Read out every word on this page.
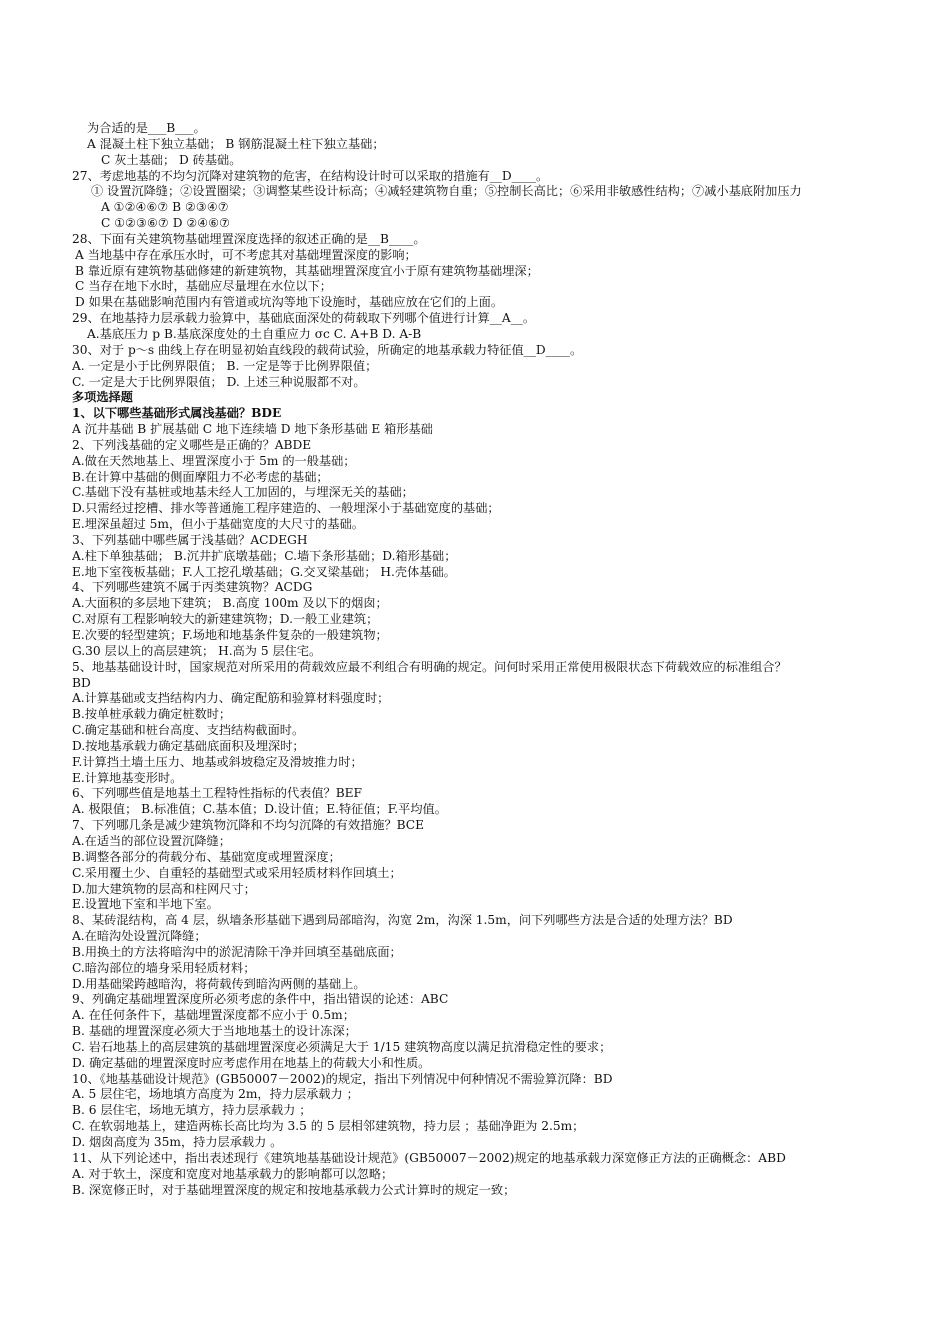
为合适的是___B___。
A 混凝土柱下独立基础； B 钢筋混凝土柱下独立基础；
C 灰土基础； D 砖基础。
27、考虑地基的不均匀沉降对建筑物的危害，在结构设计时可以采取的措施有__D____。
① 设置沉降缝；②设置圈梁；③调整某些设计标高；④减轻建筑物自重；⑤控制长高比；⑥采用非敏感性结构；⑦减小基底附加压力
A ①②④⑥⑦ B ②③④⑦
C ①②③⑥⑦ D ②④⑥⑦
28、下面有关建筑物基础埋置深度选择的叙述正确的是__B____。
A 当地基中存在承压水时，可不考虑其对基础埋置深度的影响；
B 靠近原有建筑物基础修建的新建筑物，其基础埋置深度宜小于原有建筑物基础埋深；
C 当存在地下水时，基础应尽量埋在水位以下；
D 如果在基础影响范围内有管道或坑沟等地下设施时，基础应放在它们的上面。
29、在地基持力层承载力验算中，基础底面深处的荷载取下列哪个值进行计算__A__。
A.基底压力 p B.基底深度处的土自重应力 σc C. A+B D. A-B
30、对于 p～s 曲线上存在明显初始直线段的载荷试验，所确定的地基承载力特征值__D____。
A. 一定是小于比例界限值； B. 一定是等于比例界限值；
C. 一定是大于比例界限值； D. 上述三种说服都不对。
多项选择题
1、以下哪些基础形式属浅基础？BDE
A 沉井基础 B 扩展基础 C 地下连续墙 D 地下条形基础 E 箱形基础
2、下列浅基础的定义哪些是正确的？ABDE
A.做在天然地基上、埋置深度小于 5m 的一般基础；
B.在计算中基础的侧面摩阻力不必考虑的基础；
C.基础下没有基桩或地基未经人工加固的，与埋深无关的基础；
D.只需经过挖槽、排水等普通施工程序建造的、一般埋深小于基础宽度的基础；
E.埋深虽超过 5m，但小于基础宽度的大尺寸的基础。
3、下列基础中哪些属于浅基础？ACDEGH
A.柱下单独基础； B.沉井扩底墩基础；C.墙下条形基础；D.箱形基础；
E.地下室筏板基础；F.人工挖孔墩基础；G.交叉梁基础； H.壳体基础。
4、下列哪些建筑不属于丙类建筑物？ACDG
A.大面积的多层地下建筑； B.高度 100m 及以下的烟囱；
C.对原有工程影响较大的新建建筑物；D.一般工业建筑；
E.次要的轻型建筑；F.场地和地基条件复杂的一般建筑物；
G.30 层以上的高层建筑； H.高为 5 层住宅。
5、地基基础设计时，国家规范对所采用的荷载效应最不利组合有明确的规定。问何时采用正常使用极限状态下荷载效应的标准组合？
BD
A.计算基础或支挡结构内力、确定配筋和验算材料强度时；
B.按单桩承载力确定桩数时；
C.确定基础和桩台高度、支挡结构截面时。
D.按地基承载力确定基础底面积及埋深时；
F.计算挡土墙土压力、地基或斜坡稳定及滑坡推力时；
E.计算地基变形时。
6、下列哪些值是地基土工程特性指标的代表值？BEF
A. 极限值； B.标准值；C.基本值；D.设计值；E.特征值；F.平均值。
7、下列哪几条是减少建筑物沉降和不均匀沉降的有效措施？BCE
A.在适当的部位设置沉降缝；
B.调整各部分的荷载分布、基础宽度或埋置深度；
C.采用覆土少、自重轻的基础型式或采用轻质材料作回填土；
D.加大建筑物的层高和柱网尺寸；
E.设置地下室和半地下室。
8、某砖混结构，高 4 层，纵墙条形基础下遇到局部暗沟，沟宽 2m，沟深 1.5m，问下列哪些方法是合适的处理方法？BD
A.在暗沟处设置沉降缝；
B.用换土的方法将暗沟中的淤泥清除干净并回填至基础底面；
C.暗沟部位的墙身采用轻质材料；
D.用基础梁跨越暗沟，将荷载传到暗沟两侧的基础上。
9、列确定基础埋置深度所必须考虑的条件中，指出错误的论述：ABC
A. 在任何条件下，基础埋置深度都不应小于 0.5m；
B. 基础的埋置深度必须大于当地地基土的设计冻深；
C. 岩石地基上的高层建筑的基础埋置深度必须满足大于 1/15 建筑物高度以满足抗滑稳定性的要求；
D. 确定基础的埋置深度时应考虑作用在地基上的荷载大小和性质。
10、《地基基础设计规范》(GB50007－2002)的规定，指出下列情况中何种情况不需验算沉降：BD
A. 5 层住宅，场地填方高度为 2m，持力层承载力 ；
B. 6 层住宅，场地无填方，持力层承载力 ；
C. 在软弱地基上，建造两栋长高比均为 3.5 的 5 层相邻建筑物，持力层 ；基础净距为 2.5m；
D. 烟囱高度为 35m，持力层承载力 。
11、从下列论述中，指出表述现行《建筑地基基础设计规范》(GB50007－2002)规定的地基承载力深宽修正方法的正确概念：ABD
A. 对于软土，深度和宽度对地基承载力的影响都可以忽略；
B. 深宽修正时，对于基础埋置深度的规定和按地基承载力公式计算时的规定一致；
